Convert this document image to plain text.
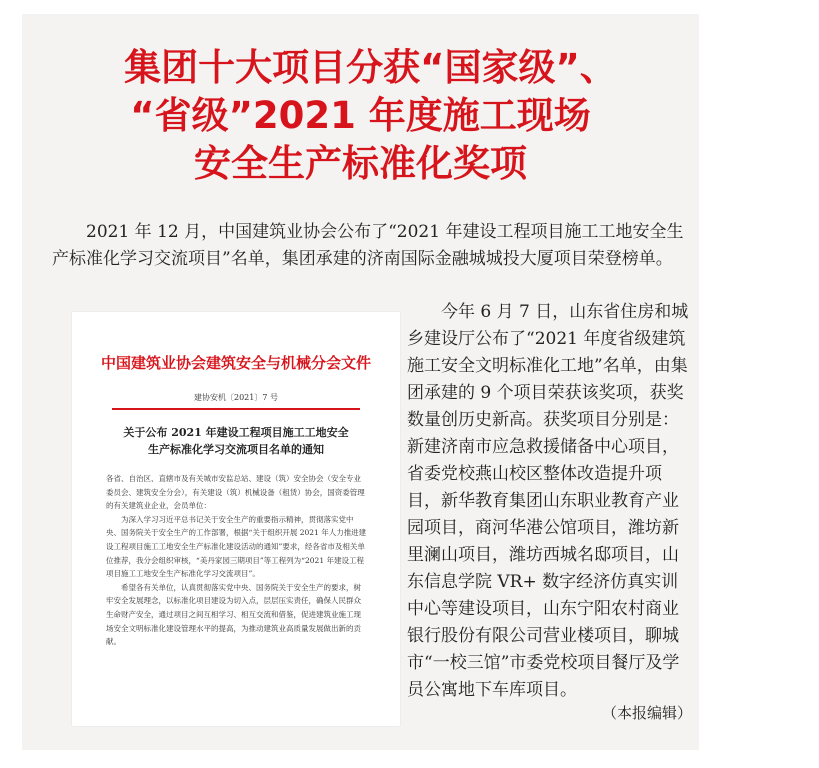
集团十大项目分获“国家级”、
“省级”2021 年度施工现场
安全生产标准化奖项

2021 年 12 月，中国建筑业协会公布了“2021 年建设工程项目施工工地安全生产标准化学习交流项目”名单，集团承建的济南国际金融城城投大厦项目荣登榜单。

中国建筑业协会建筑安全与机械分会文件
建协安机〔2021〕7 号
关于公布 2021 年建设工程项目施工工地安全
生产标准化学习交流项目名单的通知

各省、自治区、直辖市及有关城市安监总站、建设（筑）安全协会（安全专业委员会、建筑安全分会），有关建设（筑）机械设备（租赁）协会，国资委管理的有关建筑业企业，会员单位：

为深入学习习近平总书记关于安全生产的重要指示精神，贯彻落实党中央、国务院关于安全生产的工作部署，根据“关于组织开展 2021 年人力推进建设工程项目施工工地安全生产标准化建设活动的通知”要求，经各省市及相关单位推荐，我分会组织审核，“美丹家园三期项目”等工程列为“2021 年建设工程项目施工工地安全生产标准化学习交流项目”。

希望各有关单位，认真贯彻落实党中央、国务院关于安全生产的要求，树牢安全发展理念，以标准化项目建设为切入点，层层压实责任，确保人民群众生命财产安全，通过项目之间互相学习、相互交流和借鉴，促进建筑业施工现场安全文明标准化建设管理水平的提高，为推动建筑业高质量发展做出新的贡献。

今年 6 月 7 日，山东省住房和城乡建设厅公布了“2021 年度省级建筑施工安全文明标准化工地”名单，由集团承建的 9 个项目荣获该奖项，获奖数量创历史新高。获奖项目分别是：新建济南市应急救援储备中心项目，省委党校燕山校区整体改造提升项目，新华教育集团山东职业教育产业园项目，商河华港公馆项目，潍坊新里澜山项目，潍坊西城名邸项目，山东信息学院 VR+ 数字经济仿真实训中心等建设项目，山东宁阳农村商业银行股份有限公司营业楼项目，聊城市“一校三馆”市委党校项目餐厅及学员公寓地下车库项目。

（本报编辑）
